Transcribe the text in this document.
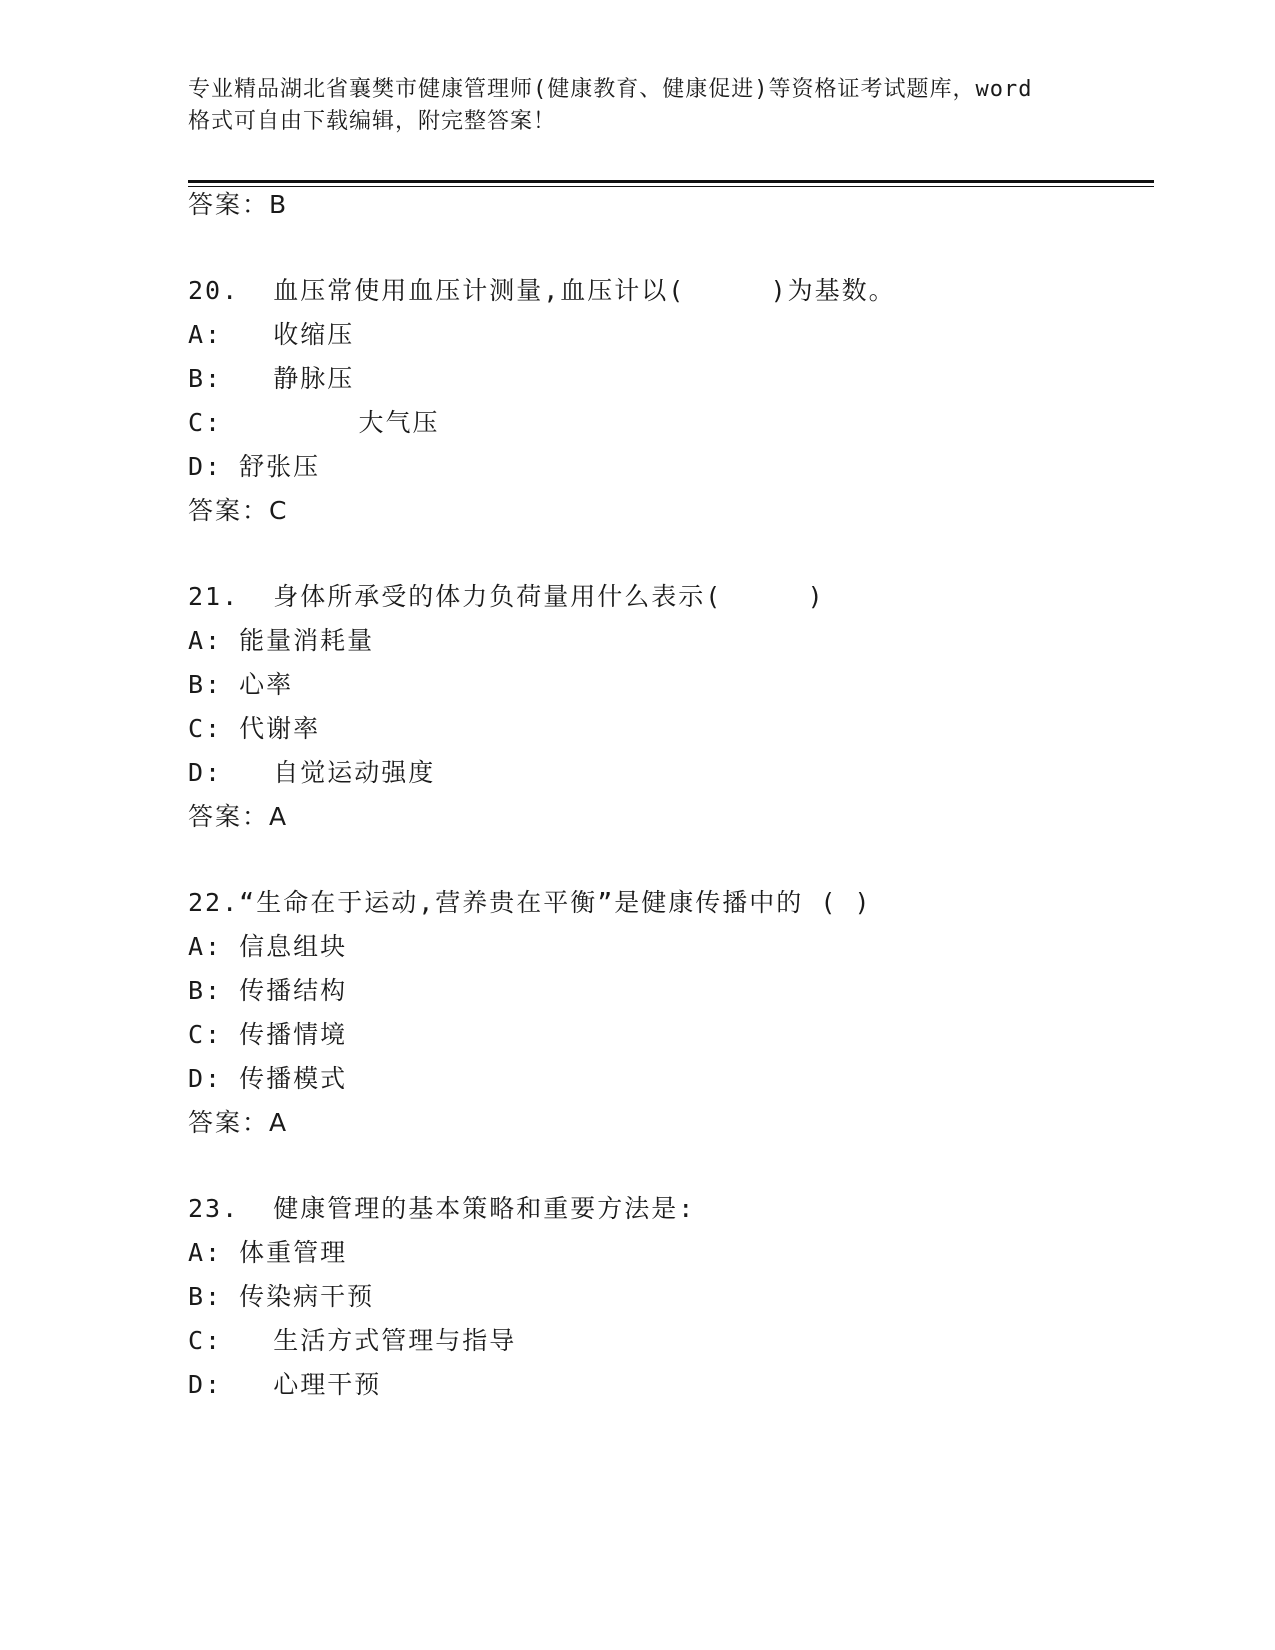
专业精品湖北省襄樊市健康管理师(健康教育、健康促进)等资格证考试题库，word
格式可自由下载编辑，附完整答案！

答案：B

20.  血压常使用血压计测量,血压计以(     )为基数。

A:   收缩压

B:   静脉压

C:        大气压

D: 舒张压

答案：C

21.  身体所承受的体力负荷量用什么表示(     )

A: 能量消耗量

B: 心率

C: 代谢率

D:   自觉运动强度

答案：A

22.“生命在于运动,营养贵在平衡”是健康传播中的 ( )

A: 信息组块

B: 传播结构

C: 传播情境

D: 传播模式

答案：A

23.  健康管理的基本策略和重要方法是:

A: 体重管理

B: 传染病干预

C:   生活方式管理与指导

D:   心理干预
